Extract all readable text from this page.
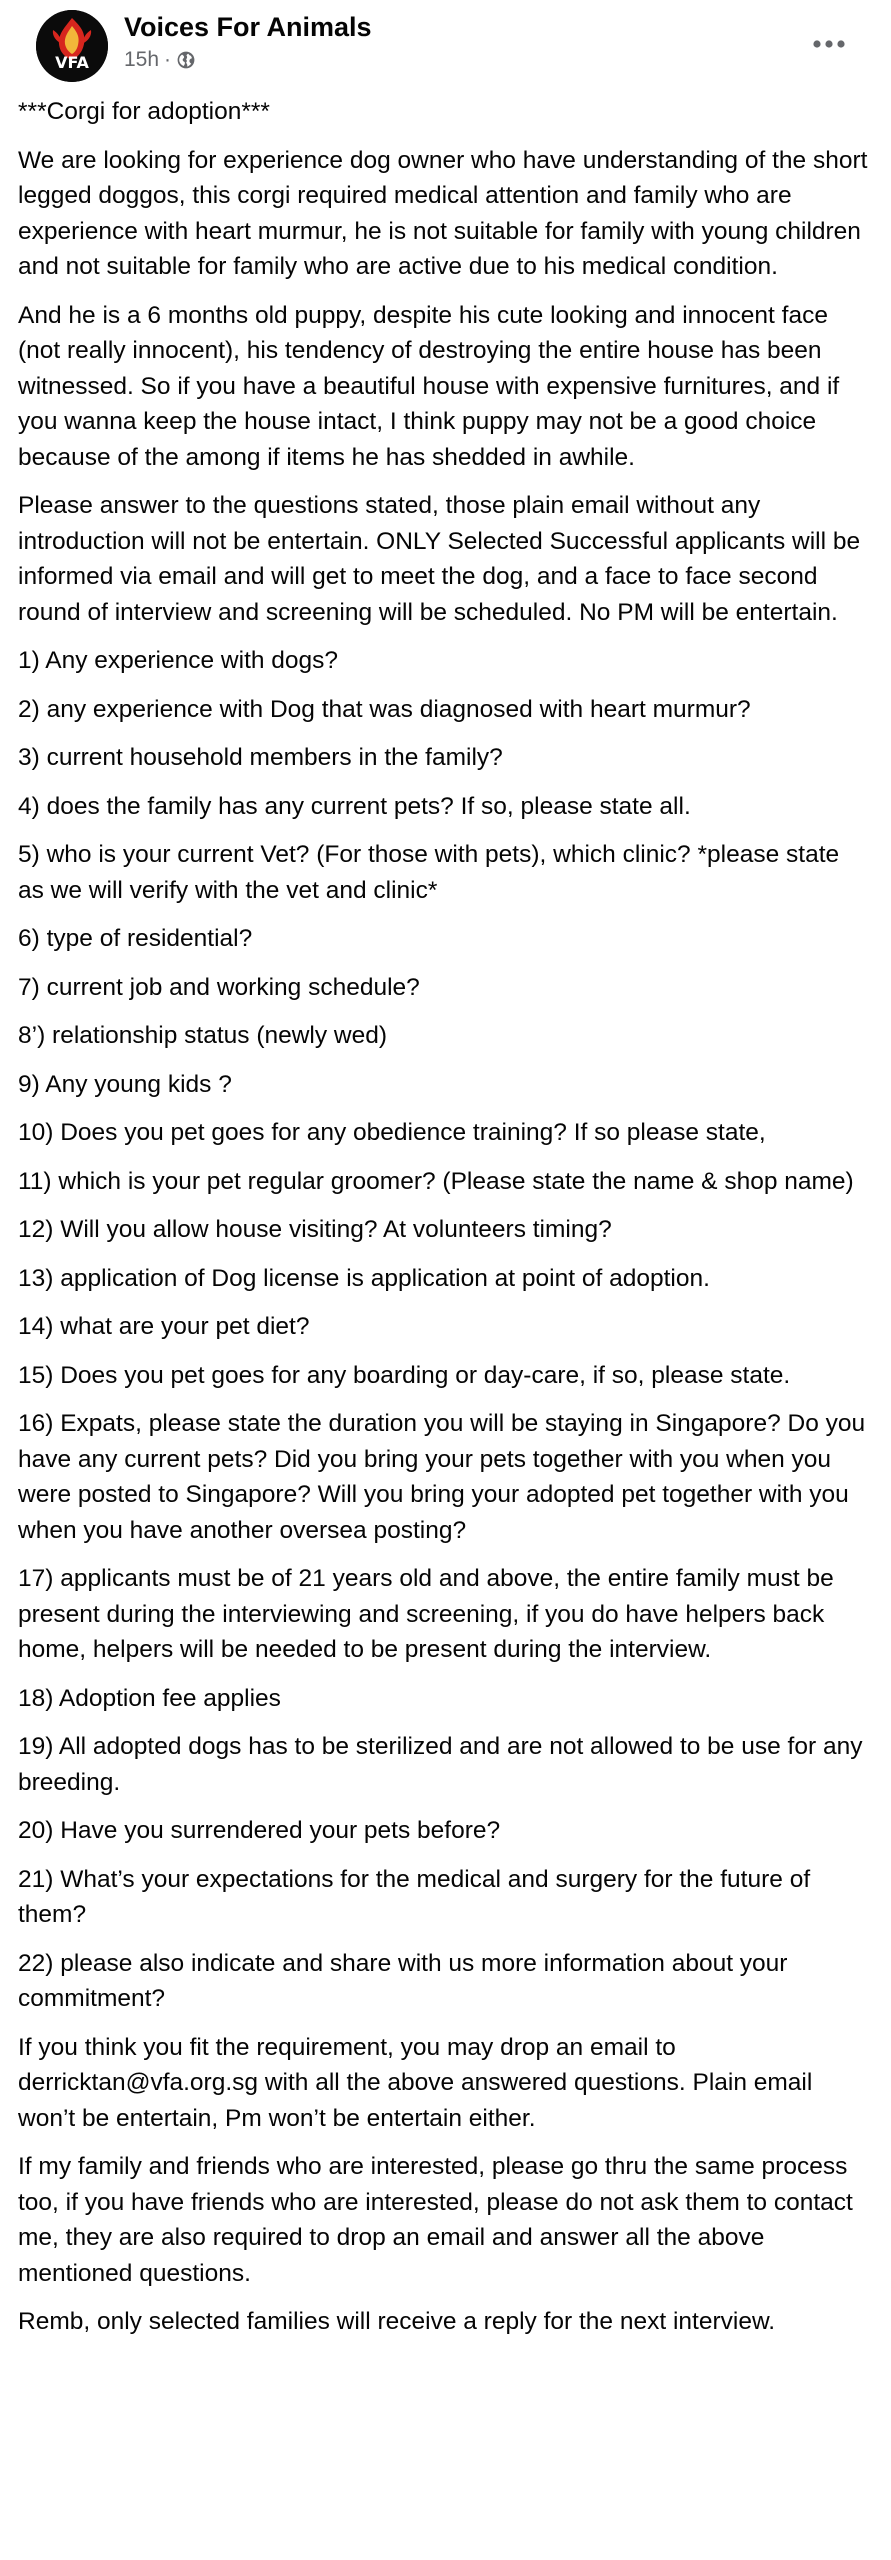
VFA
Voices For Animals
15h ·

***Corgi for adoption***

We are looking for experience dog owner who have understanding of the short legged doggos, this corgi required medical attention and family who are experience with heart murmur, he is not suitable for family with young children and not suitable for family who are active due to his medical condition.

And he is a 6 months old puppy, despite his cute looking and innocent face (not really innocent), his tendency of destroying the entire house has been witnessed. So if you have a beautiful house with expensive furnitures, and if you wanna keep the house intact, I think puppy may not be a good choice because of the among if items he has shedded in awhile.

Please answer to the questions stated, those plain email without any introduction will not be entertain. ONLY Selected Successful applicants will be informed via email and will get to meet the dog, and a face to face second round of interview and screening will be scheduled. No PM will be entertain.

1) Any experience with dogs?
2) any experience with Dog that was diagnosed with heart murmur?
3) current household members in the family?
4) does the family has any current pets? If so, please state all.
5) who is your current Vet? (For those with pets), which clinic? *please state as we will verify with the vet and clinic*
6) type of residential?
7) current job and working schedule?
8’) relationship status (newly wed)
9) Any young kids ?
10) Does you pet goes for any obedience training? If so please state,
11) which is your pet regular groomer? (Please state the name & shop name)
12) Will you allow house visiting? At volunteers timing?
13) application of Dog license is application at point of adoption.
14) what are your pet diet?
15) Does you pet goes for any boarding or day-care, if so, please state.
16) Expats, please state the duration you will be staying in Singapore? Do you have any current pets? Did you bring your pets together with you when you were posted to Singapore? Will you bring your adopted pet together with you when you have another oversea posting?
17) applicants must be of 21 years old and above, the entire family must be present during the interviewing and screening, if you do have helpers back home, helpers will be needed to be present during the interview.
18) Adoption fee applies
19) All adopted dogs has to be sterilized and are not allowed to be use for any breeding.
20) Have you surrendered your pets before?
21) What’s your expectations for the medical and surgery for the future of them?
22) please also indicate and share with us more information about your commitment?

If you think you fit the requirement, you may drop an email to derricktan@vfa.org.sg with all the above answered questions. Plain email won’t be entertain, Pm won’t be entertain either.

If my family and friends who are interested, please go thru the same process too, if you have friends who are interested, please do not ask them to contact me, they are also required to drop an email and answer all the above mentioned questions.

Remb, only selected families will receive a reply for the next interview.
